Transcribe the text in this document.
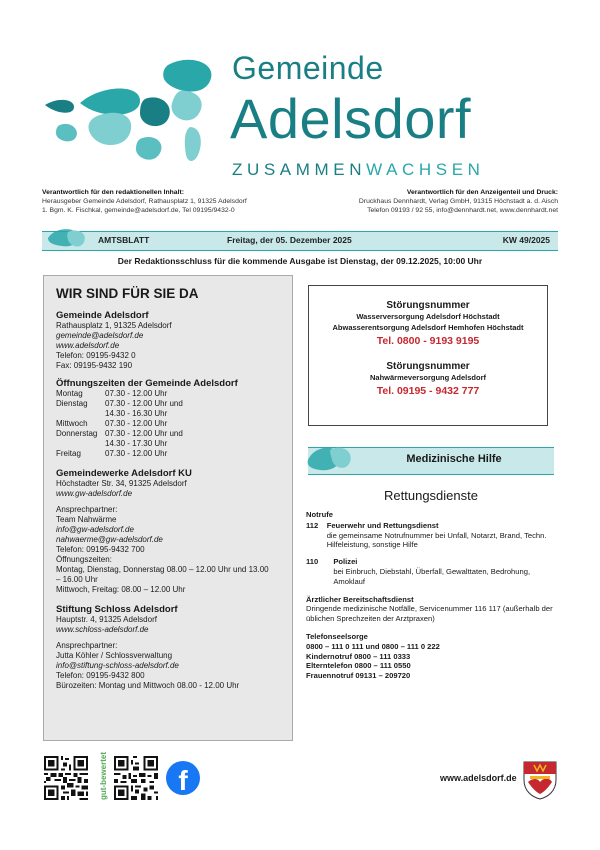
Gemeinde
Adelsdorf
ZUSAMMENWACHSEN
Verantwortlich für den redaktionellen Inhalt:
Herausgeber Gemeinde Adelsdorf, Rathausplatz 1, 91325 Adelsdorf
1. Bgm. K. Fischkal, gemeinde@adelsdorf.de, Tel 09195/9432-0
Verantwortlich für den Anzeigenteil und Druck:
Druckhaus Dennhardt, Verlag GmbH, 91315 Höchstadt a. d. Aisch
Telefon 09193 / 92 55, info@dennhardt.net, www.dennhardt.net
AMTSBLATT	Freitag, der 05. Dezember 2025	KW 49/2025
Der Redaktionsschluss für die kommende Ausgabe ist Dienstag, der 09.12.2025, 10:00 Uhr
WIR SIND FÜR SIE DA
Gemeinde Adelsdorf
Rathausplatz 1, 91325 Adelsdorf
gemeinde@adelsdorf.de
www.adelsdorf.de
Telefon: 09195-9432 0
Fax: 09195-9432 190
Öffnungszeiten der Gemeinde Adelsdorf
Montag	07.30 - 12.00 Uhr
Dienstag	07.30 - 12.00 Uhr und
14.30 - 16.30 Uhr
Mittwoch	07.30 - 12.00 Uhr
Donnerstag 07.30 - 12.00 Uhr und
14.30 - 17.30 Uhr
Freitag	07.30 - 12.00 Uhr
Gemeindewerke Adelsdorf KU
Höchstadter Str. 34, 91325 Adelsdorf
www.gw-adelsdorf.de
Ansprechpartner:
Team Nahwärme
info@gw-adelsdorf.de
nahwaerme@gw-adelsdorf.de
Telefon: 09195-9432 700
Öffnungszeiten:
Montag, Dienstag, Donnerstag 08.00 – 12.00 Uhr und 13.00
– 16.00 Uhr
Mittwoch, Freitag: 08.00 – 12.00 Uhr
Stiftung Schloss Adelsdorf
Hauptstr. 4, 91325 Adelsdorf
www.schloss-adelsdorf.de
Ansprechpartner:
Jutta Köhler / Schlossverwaltung
info@stiftung-schloss-adelsdorf.de
Telefon: 09195-9432 800
Bürozeiten: Montag und Mittwoch 08.00 - 12.00 Uhr
Störungsnummer
Wasserversorgung Adelsdorf Höchstadt
Abwasserentsorgung Adelsdorf Hemhofen Höchstadt
Tel. 0800 - 9193 9195
Störungsnummer
Nahwärmeversorgung Adelsdorf
Tel. 09195 - 9432 777
Medizinische Hilfe
Rettungsdienste
Notrufe
112	Feuerwehr und Rettungsdienst
die gemeinsame Notrufnummer bei Unfall, Notarzt, Brand, Techn. Hilfeleistung, sonstige Hilfe
110	Polizei
bei Einbruch, Diebstahl, Überfall, Gewalttaten, Bedrohung, Amoklauf
Ärztlicher Bereitschaftsdienst
Dringende medizinische Notfälle, Servicenummer 116 117 (außerhalb der üblichen Sprechzeiten der Arztpraxen)
Telefonseelsorge
0800 – 111 0 111 und 0800 – 111 0 222
Kindernotruf 0800 – 111 0333
Elterntelefon 0800 – 111 0550
Frauennotruf 09131 – 209720
gut-bewertet	f	www.adelsdorf.de
